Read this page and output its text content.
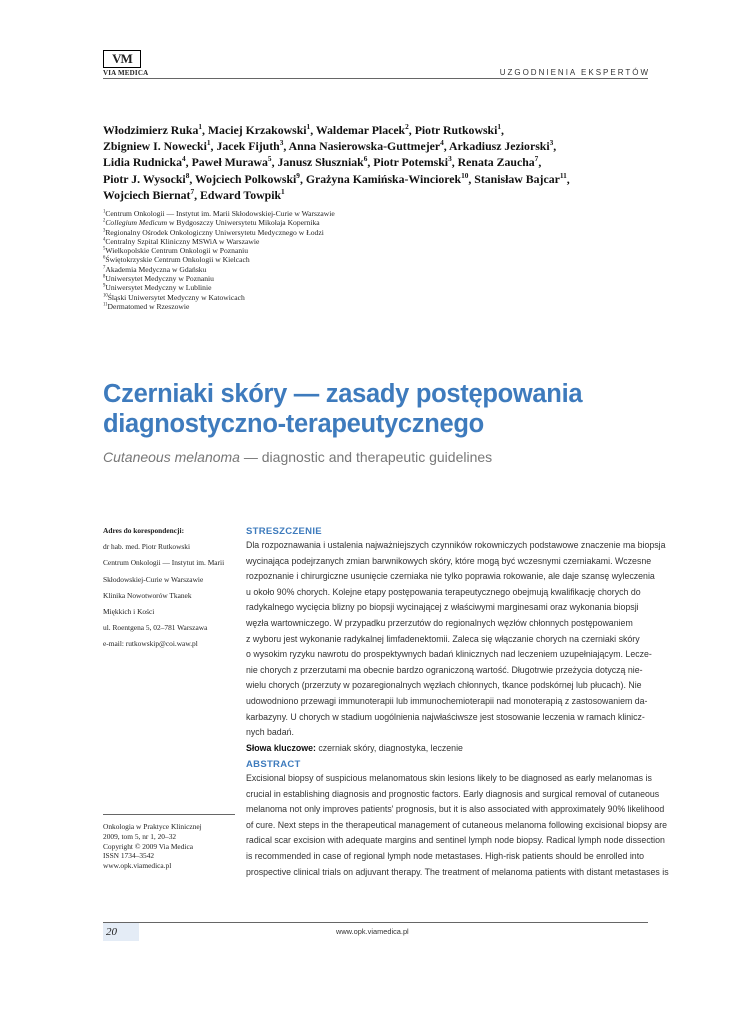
VM
VIA MEDICA	UZGODNIENIA EKSPERTÓW
Włodzimierz Ruka$^1$, Maciej Krzakowski$^1$, Waldemar Placek$^2$, Piotr Rutkowski$^1$,
Zbigniew I. Nowecki$^1$, Jacek Fijuth$^3$, Anna Nasierowska-Guttmejer$^4$, Arkadiusz Jeziorski$^3$,
Lidia Rudnicka$^4$, Paweł Murawa$^5$, Janusz Słuszniak$^6$, Piotr Potemski$^3$, Renata Zaucha$^7$,
Piotr J. Wysocki$^8$, Wojciech Polkowski$^9$, Grażyna Kamińska-Winciorek$^{10}$, Stanisław Bajcar$^{11}$,
Wojciech Biernat$^7$, Edward Towpik$^1$
$^1$Centrum Onkologii — Instytut im. Marii Skłodowskiej-Curie w Warszawie
$^2$Collegium Medicum w Bydgoszczy Uniwersytetu Mikołaja Kopernika
$^3$Regionalny Ośrodek Onkologiczny Uniwersytetu Medycznego w Łodzi
$^4$Centralny Szpital Kliniczny MSWiA w Warszawie
$^5$Wielkopolskie Centrum Onkologii w Poznaniu
$^6$Świętokrzyskie Centrum Onkologii w Kielcach
$^7$Akademia Medyczna w Gdańsku
$^8$Uniwersytet Medyczny w Poznaniu
$^9$Uniwersytet Medyczny w Lublinie
$^{10}$Śląski Uniwersytet Medyczny w Katowicach
$^{11}$Dermatomed w Rzeszowie
Czerniaki skóry — zasady postępowania
diagnostyczno-terapeutycznego
Cutaneous melanoma — diagnostic and therapeutic guidelines
Adres do korespondencji:
dr hab. med. Piotr Rutkowski
Centrum Onkologii — Instytut im. Marii
Skłodowskiej-Curie w Warszawie
Klinika Nowotworów Tkanek
Miękkich i Kości
ul. Roentgena 5, 02–781 Warszawa
e-mail: rutkowskip@coi.waw.pl
Onkologia w Praktyce Klinicznej
2009, tom 5, nr 1, 20–32
Copyright © 2009 Via Medica
ISSN 1734–3542
www.opk.viamedica.pl
STRESZCZENIE
Dla rozpoznawania i ustalenia najważniejszych czynników rokowniczych podstawowe znaczenie ma biopsja
wycinająca podejrzanych zmian barwnikowych skóry, które mogą być wczesnymi czerniakami. Wczesne
rozpoznanie i chirurgiczne usunięcie czerniaka nie tylko poprawia rokowanie, ale daje szansę wyleczenia
u około 90% chorych. Kolejne etapy postępowania terapeutycznego obejmują kwalifikację chorych do
radykalnego wycięcia blizny po biopsji wycinającej z właściwymi marginesami oraz wykonania biopsji
węzła wartowniczego. W przypadku przerzutów do regionalnych węzłów chłonnych postępowaniem
z wyboru jest wykonanie radykalnej limfadenektomii. Zaleca się włączanie chorych na czerniaki skóry
o wysokim ryzyku nawrotu do prospektywnych badań klinicznych nad leczeniem uzupełniającym. Lecze-
nie chorych z przerzutami ma obecnie bardzo ograniczoną wartość. Długotrwie przeżycia dotyczą nie-
wielu chorych (przerzuty w pozaregionalnych węzłach chłonnych, tkance podskórnej lub płucach). Nie
udowodniono przewagi immunoterapii lub immunochemioterapii nad monoterapią z zastosowaniem da-
karbazyny. U chorych w stadium uogólnienia najwłaściwsze jest stosowanie leczenia w ramach klinicz-
nych badań.
Słowa kluczowe: czerniak skóry, diagnostyka, leczenie
ABSTRACT
Excisional biopsy of suspicious melanomatous skin lesions likely to be diagnosed as early melanomas is
crucial in establishing diagnosis and prognostic factors. Early diagnosis and surgical removal of cutaneous
melanoma not only improves patients' prognosis, but it is also associated with approximately 90% likelihood
of cure. Next steps in the therapeutical management of cutaneous melanoma following excisional biopsy are
radical scar excision with adequate margins and sentinel lymph node biopsy. Radical lymph node dissection
is recommended in case of regional lymph node metastases. High-risk patients should be enrolled into
prospective clinical trials on adjuvant therapy. The treatment of melanoma patients with distant metastases is
20	www.opk.viamedica.pl
